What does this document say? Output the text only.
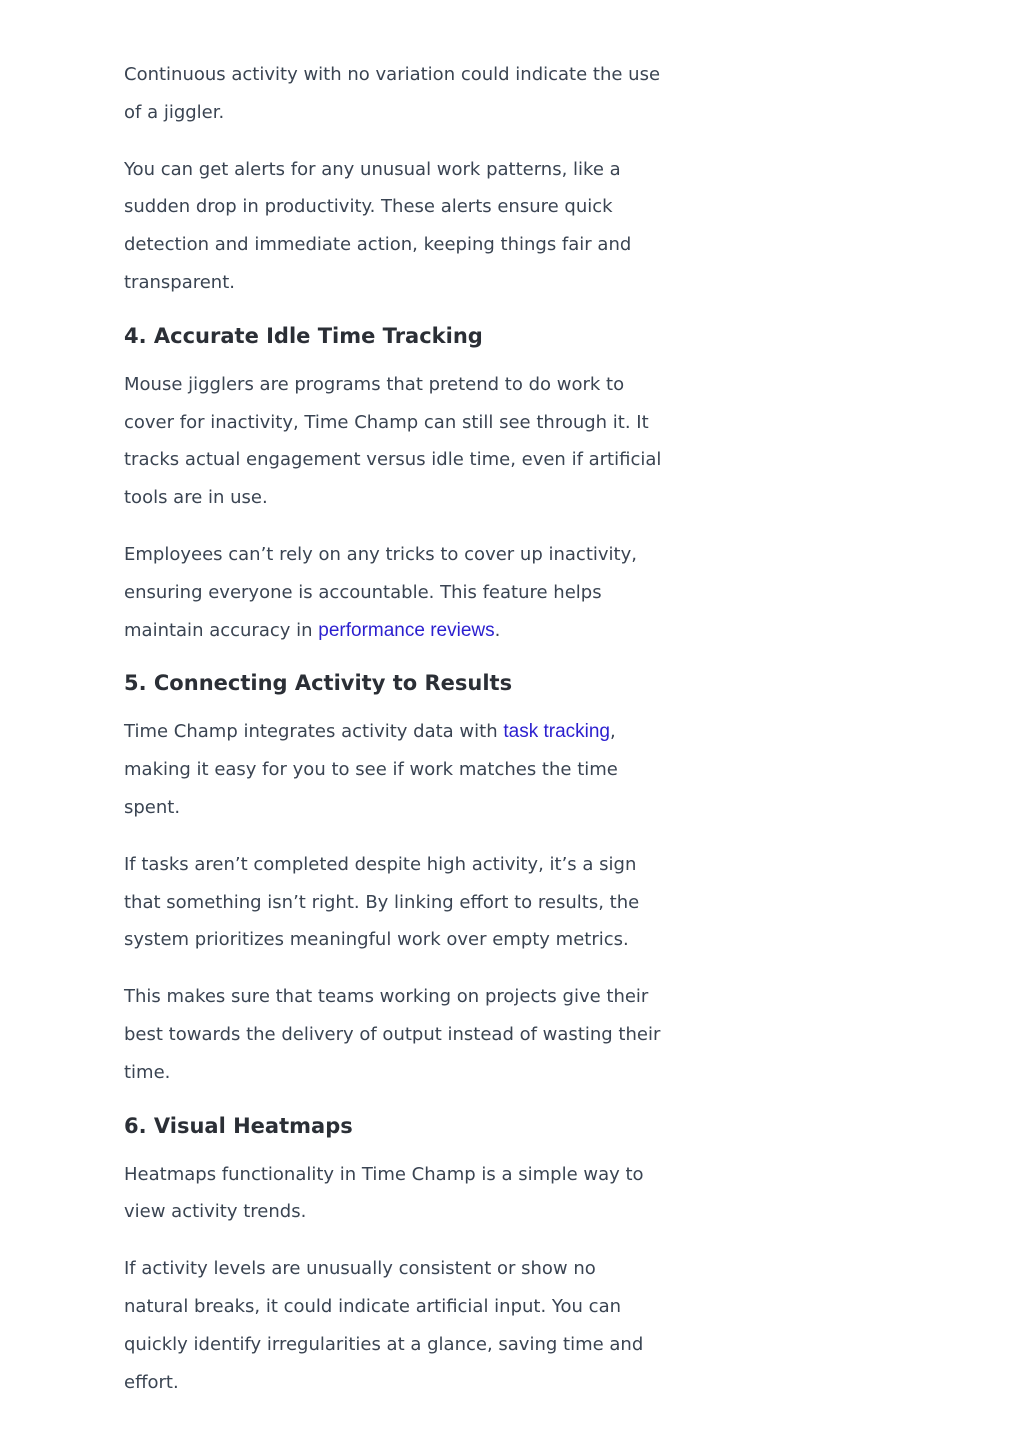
Continuous activity with no variation could indicate the use of a jiggler.

You can get alerts for any unusual work patterns, like a sudden drop in productivity. These alerts ensure quick detection and immediate action, keeping things fair and transparent.

4. Accurate Idle Time Tracking

Mouse jigglers are programs that pretend to do work to cover for inactivity, Time Champ can still see through it. It tracks actual engagement versus idle time, even if artificial tools are in use.

Employees can’t rely on any tricks to cover up inactivity, ensuring everyone is accountable. This feature helps maintain accuracy in performance reviews.

5. Connecting Activity to Results

Time Champ integrates activity data with task tracking, making it easy for you to see if work matches the time spent.

If tasks aren’t completed despite high activity, it’s a sign that something isn’t right. By linking effort to results, the system prioritizes meaningful work over empty metrics.

This makes sure that teams working on projects give their best towards the delivery of output instead of wasting their time.

6. Visual Heatmaps

Heatmaps functionality in Time Champ is a simple way to view activity trends.

If activity levels are unusually consistent or show no natural breaks, it could indicate artificial input. You can quickly identify irregularities at a glance, saving time and effort.
